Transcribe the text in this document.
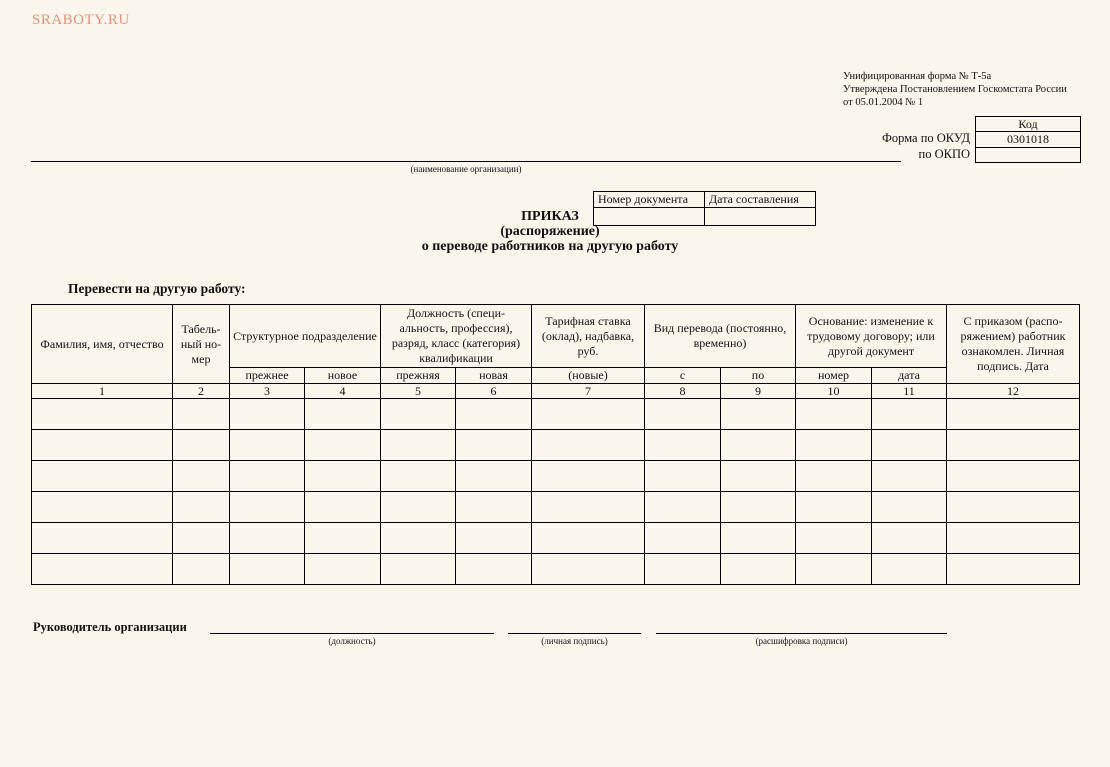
SRABOTY.RU
Унифицированная форма № Т-5а
Утверждена Постановлением Госкомстата России
от 05.01.2004 № 1
Код
Форма по ОКУД	0301018
по ОКПО
(наименование организации)
Номер документа	Дата составления

ПРИКАЗ
(распоряжение)
о переводе работников на другую работу
Перевести на другую работу:
Фамилия, имя, отчество	Табель-ный но-мер	Структурное подразделение		Должность (специ-альность, профессия), разряд, класс (категория) квалификации		Тарифная ставка (оклад), надбавка, руб.	Вид перевода (постоянно, временно)		Основание: изменение к трудовому договору; или другой документ		С приказом (распо-ряжением) работник ознакомлен. Личная подпись. Дата
		прежнее	новое	прежняя	новая	(новые)	с	по	номер	дата	
1	2	3	4	5	6	7	8	9	10	11	12

Руководитель организации
(должность)	(личная подпись)	(расшифровка подписи)
